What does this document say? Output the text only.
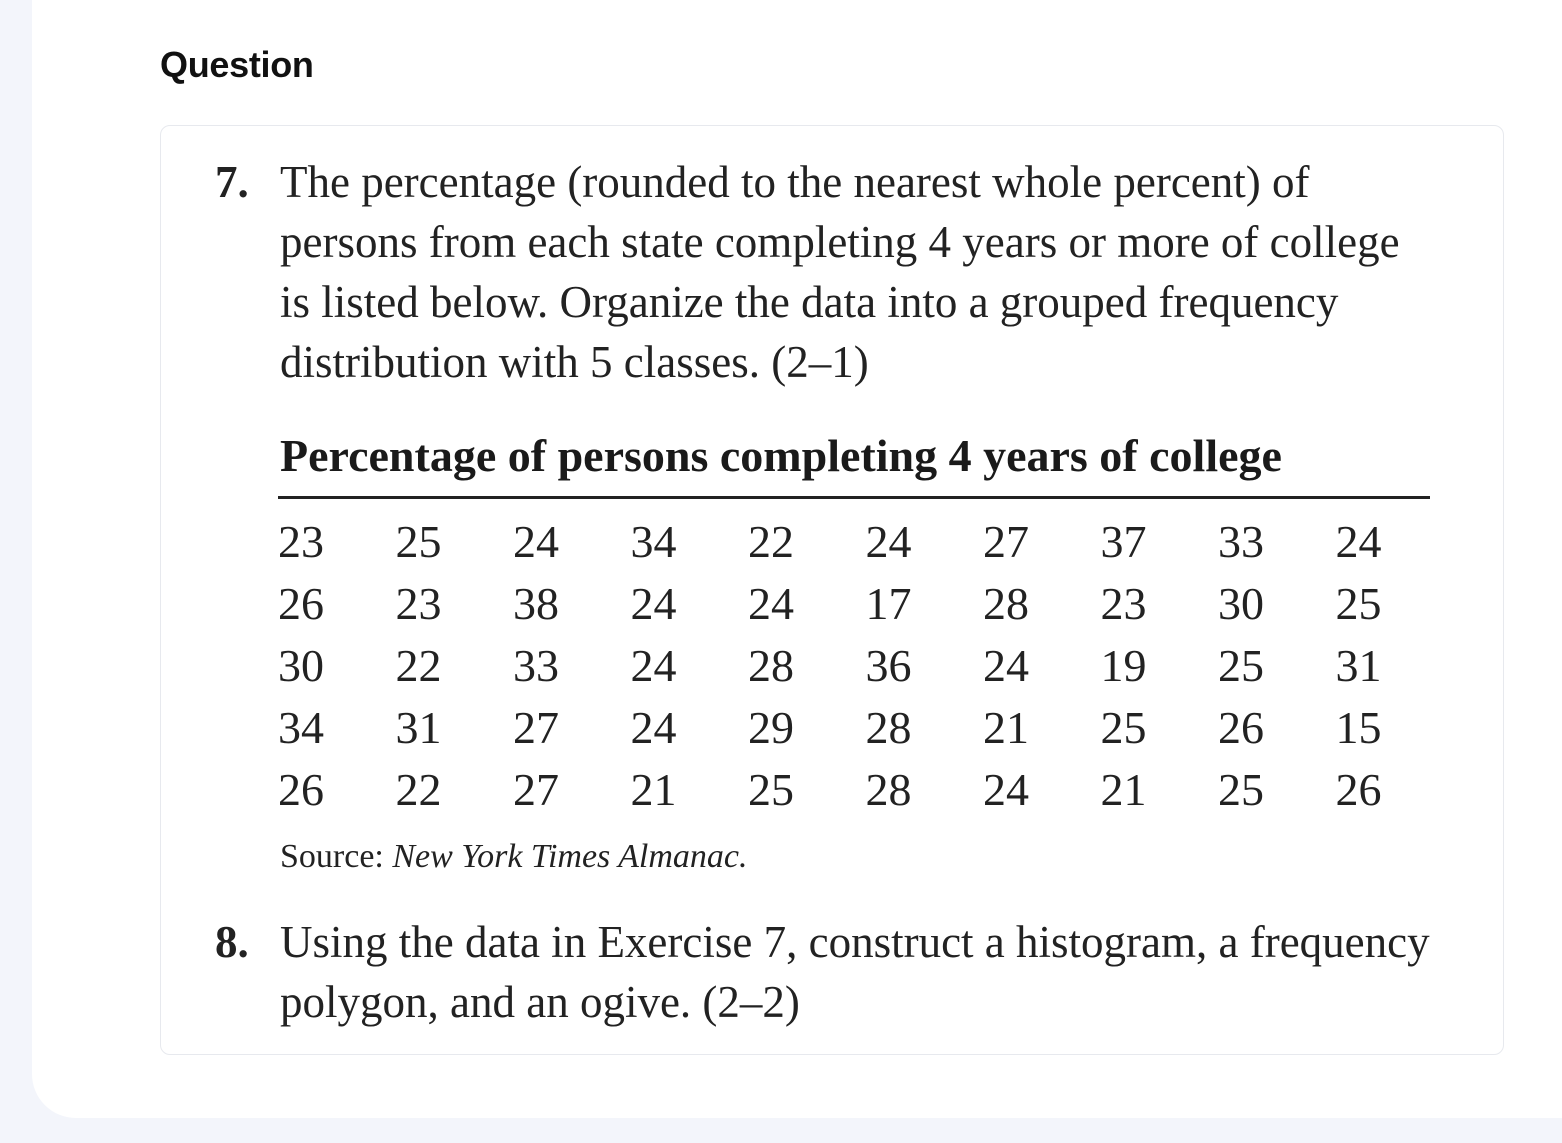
Question
7. The percentage (rounded to the nearest whole percent) of persons from each state completing 4 years or more of college is listed below. Organize the data into a grouped frequency distribution with 5 classes. (2–1)
Percentage of persons completing 4 years of college
23	25	24	34	22	24	27	37	33	24
26	23	38	24	24	17	28	23	30	25
30	22	33	24	28	36	24	19	25	31
34	31	27	24	29	28	21	25	26	15
26	22	27	21	25	28	24	21	25	26
Source: New York Times Almanac.
8. Using the data in Exercise 7, construct a histogram, a frequency polygon, and an ogive. (2–2)
